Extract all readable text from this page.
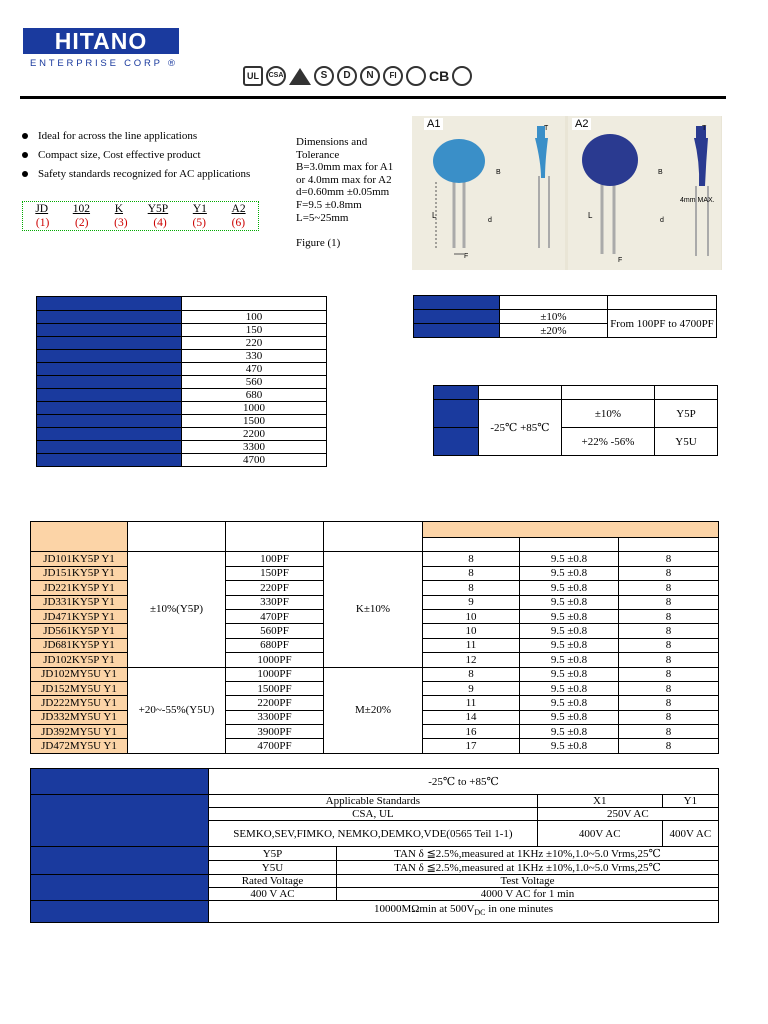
HITANO
ENTERPRISE CORP ®
UL	CSA	S	D	N	FI	CB
Ideal for across the line applications
Compact size, Cost effective product
Safety standards recognized for AC applications
JD 102 K Y5P Y1 A2
(1) (2) (3) (4) (5) (6)
Dimensions and
Tolerance
B=3.0mm max for A1
or 4.0mm max for A2
d=0.60mm ±0.05mm
F=9.5 ±0.8mm
L=5~25mm
Figure (1)
L
F
B
d
T
L
F
B
d
T
4mm MAX.
A1	A2

	100
	150
	220
	330
	470
	560
	680
	1000
	1500
	2200
	3300
	4700

	±10%	From 100PF to 4700PF
	±20%	

	-25℃ +85℃	±10%	Y5P
		+22% -56%	Y5U

JD101KY5P Y1	±10%(Y5P)	100PF	K±10%	8	9.5 ±0.8	8
JD151KY5P Y1		150PF		8	9.5 ±0.8	8
JD221KY5P Y1		220PF		8	9.5 ±0.8	8
JD331KY5P Y1		330PF		9	9.5 ±0.8	8
JD471KY5P Y1		470PF		10	9.5 ±0.8	8
JD561KY5P Y1		560PF		10	9.5 ±0.8	8
JD681KY5P Y1		680PF		11	9.5 ±0.8	8
JD102KY5P Y1		1000PF		12	9.5 ±0.8	8
JD102MY5U Y1	+20~-55%(Y5U)	1000PF	M±20%	8	9.5 ±0.8	8
JD152MY5U Y1		1500PF		9	9.5 ±0.8	8
JD222MY5U Y1		2200PF		11	9.5 ±0.8	8
JD332MY5U Y1		3300PF		14	9.5 ±0.8	8
JD392MY5U Y1		3900PF		16	9.5 ±0.8	8
JD472MY5U Y1		4700PF		17	9.5 ±0.8	8
	-25℃ to +85℃			
	Applicable Standards		X1	Y1
	CSA, UL		250V AC	
	SEMKO,SEV,FIMKO, NEMKO,DEMKO,VDE(0565 Teil 1-1)		400V AC	400V AC
	Y5P	TAN δ ≦2.5%,measured at 1KHz ±10%,1.0~5.0 Vrms,25℃		
	Y5U	TAN δ ≦2.5%,measured at 1KHz ±10%,1.0~5.0 Vrms,25℃		
	Rated Voltage	Test Voltage		
	400 V AC	4000 V AC for 1 min		
	10000MΩmin at $500V_{DC}$ in one minutes			
